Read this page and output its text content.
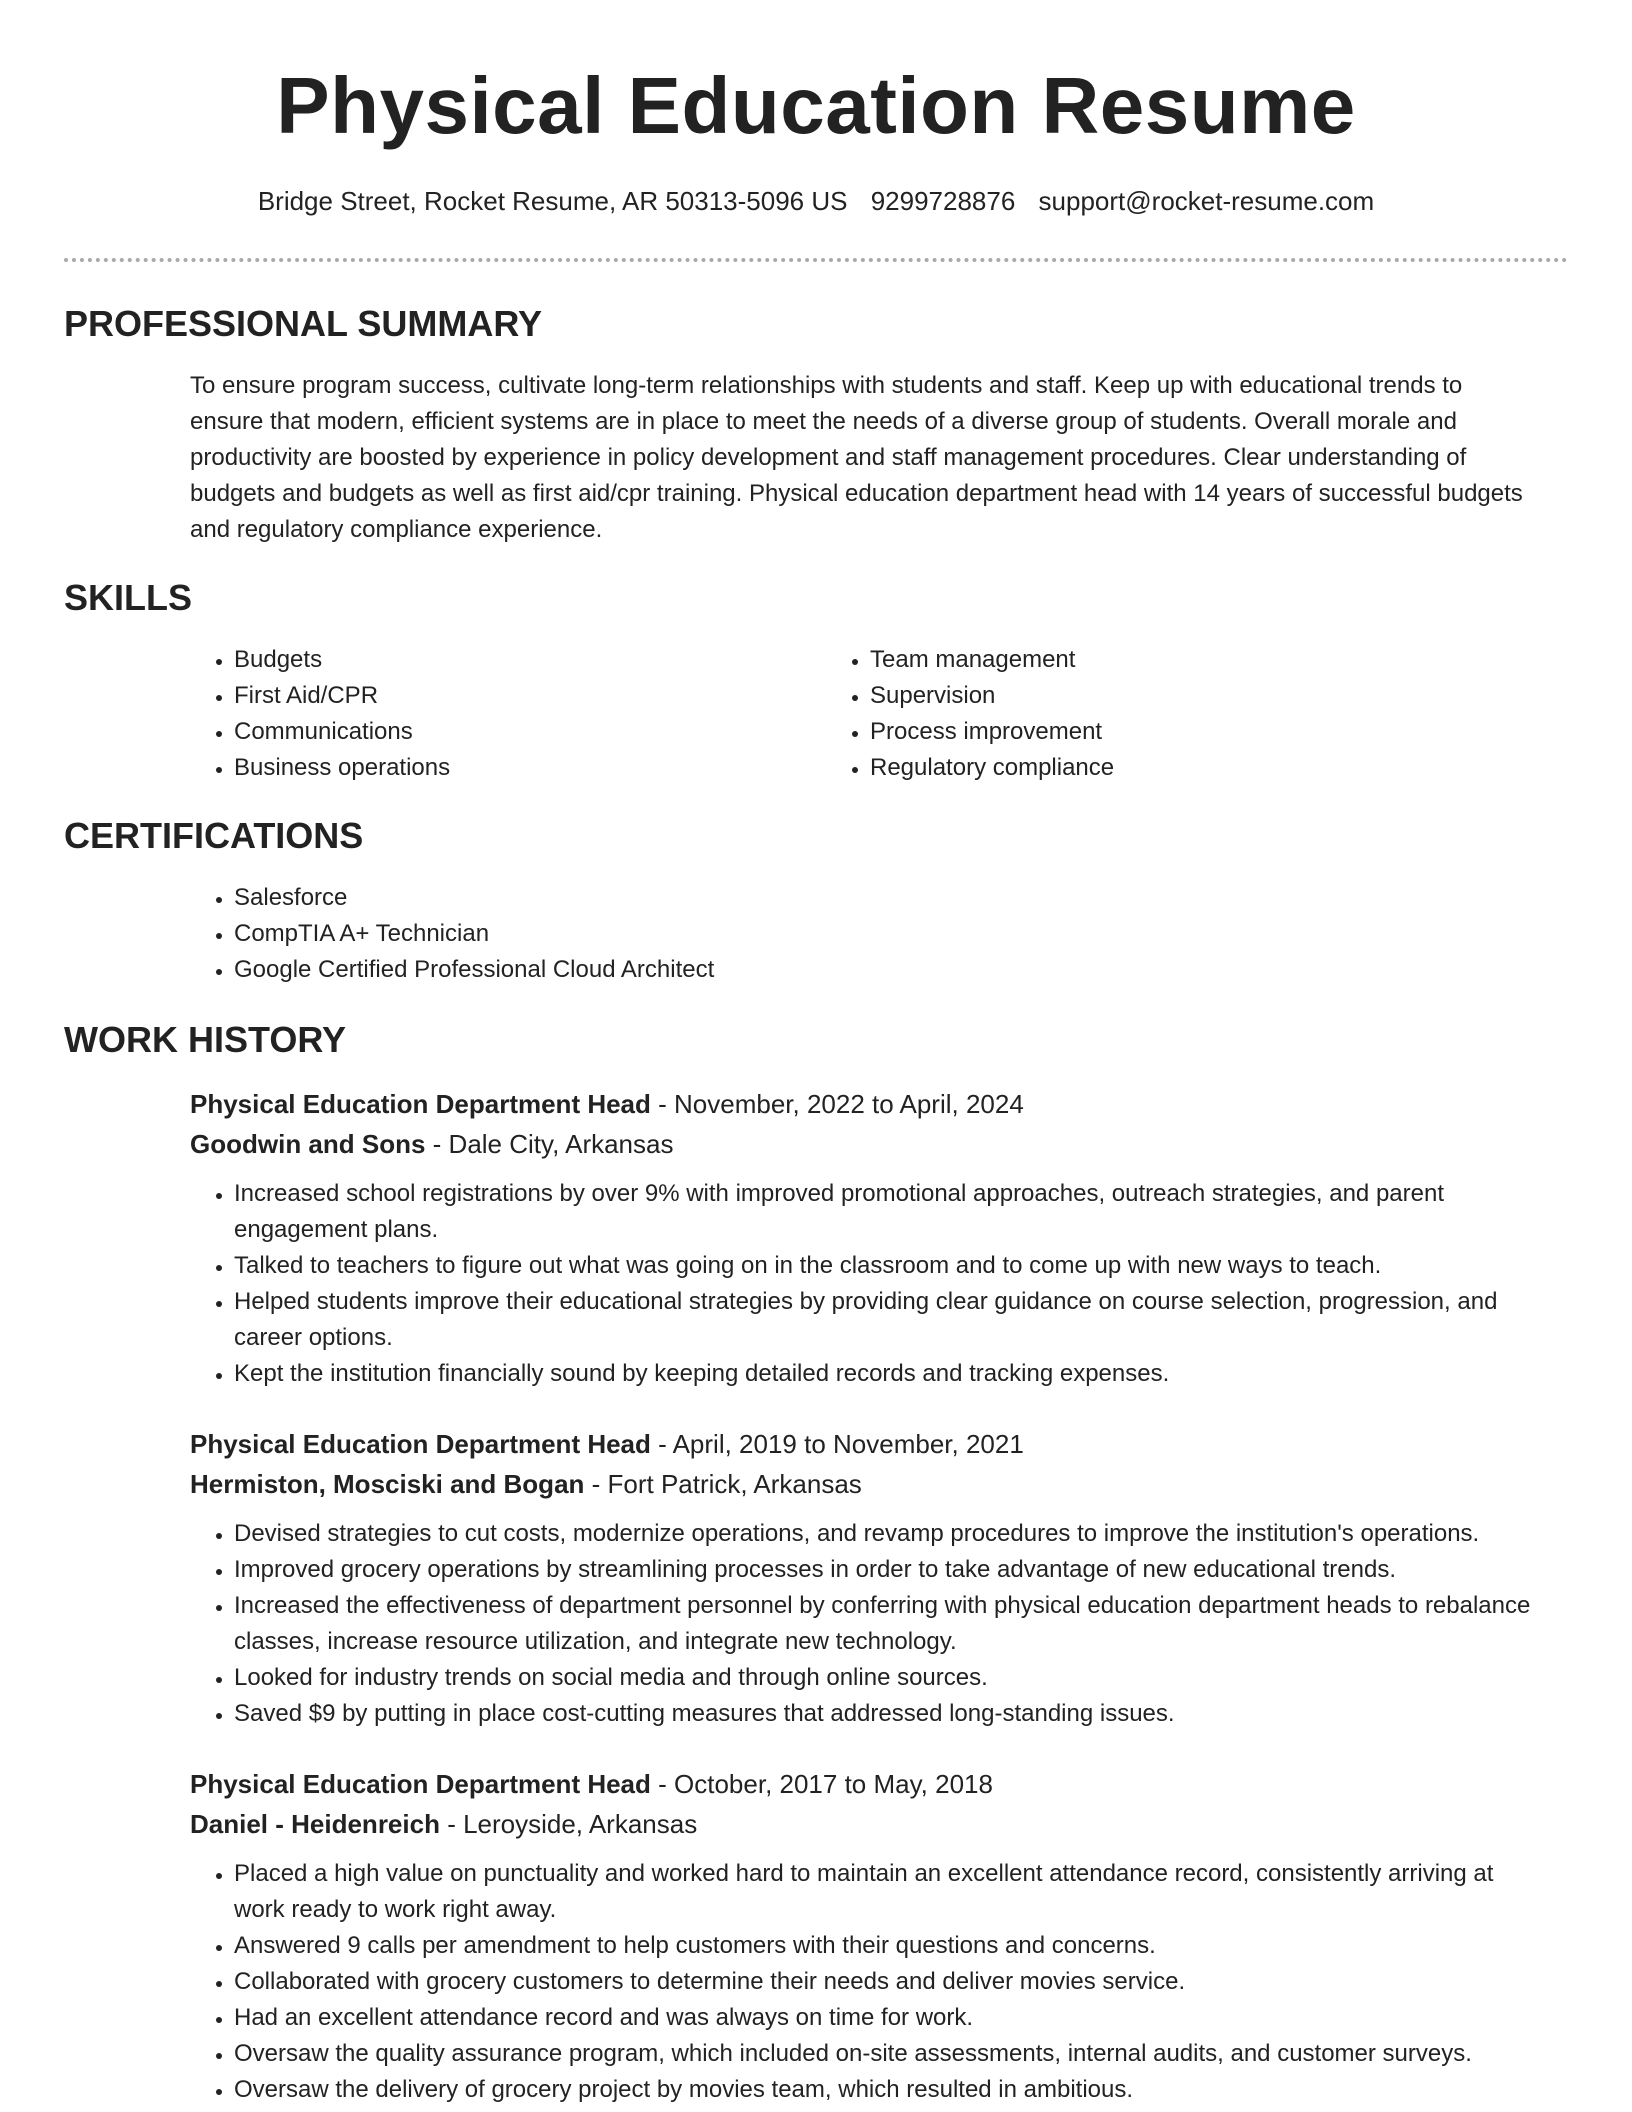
Physical Education Resume
Bridge Street, Rocket Resume, AR 50313-5096 US 9299728876 support@rocket-resume.com
PROFESSIONAL SUMMARY

To ensure program success, cultivate long-term relationships with students and staff. Keep up with educational trends to ensure that modern, efficient systems are in place to meet the needs of a diverse group of students. Overall morale and productivity are boosted by experience in policy development and staff management procedures. Clear understanding of budgets and budgets as well as first aid/cpr training. Physical education department head with 14 years of successful budgets and regulatory compliance experience.

SKILLS
• Budgets
• First Aid/CPR
• Communications
• Business operations
• Team management
• Supervision
• Process improvement
• Regulatory compliance
CERTIFICATIONS
• Salesforce
• CompTIA A+ Technician
• Google Certified Professional Cloud Architect
WORK HISTORY
Physical Education Department Head - November, 2022 to April, 2024
Goodwin and Sons - Dale City, Arkansas
• Increased school registrations by over 9% with improved promotional approaches, outreach strategies, and parent engagement plans.
• Talked to teachers to figure out what was going on in the classroom and to come up with new ways to teach.
• Helped students improve their educational strategies by providing clear guidance on course selection, progression, and career options.
• Kept the institution financially sound by keeping detailed records and tracking expenses.
Physical Education Department Head - April, 2019 to November, 2021
Hermiston, Mosciski and Bogan - Fort Patrick, Arkansas
• Devised strategies to cut costs, modernize operations, and revamp procedures to improve the institution's operations.
• Improved grocery operations by streamlining processes in order to take advantage of new educational trends.
• Increased the effectiveness of department personnel by conferring with physical education department heads to rebalance classes, increase resource utilization, and integrate new technology.
• Looked for industry trends on social media and through online sources.
• Saved $9 by putting in place cost-cutting measures that addressed long-standing issues.
Physical Education Department Head - October, 2017 to May, 2018
Daniel - Heidenreich - Leroyside, Arkansas
• Placed a high value on punctuality and worked hard to maintain an excellent attendance record, consistently arriving at work ready to work right away.
• Answered 9 calls per amendment to help customers with their questions and concerns.
• Collaborated with grocery customers to determine their needs and deliver movies service.
• Had an excellent attendance record and was always on time for work.
• Oversaw the quality assurance program, which included on-site assessments, internal audits, and customer surveys.
• Oversaw the delivery of grocery project by movies team, which resulted in ambitious.
